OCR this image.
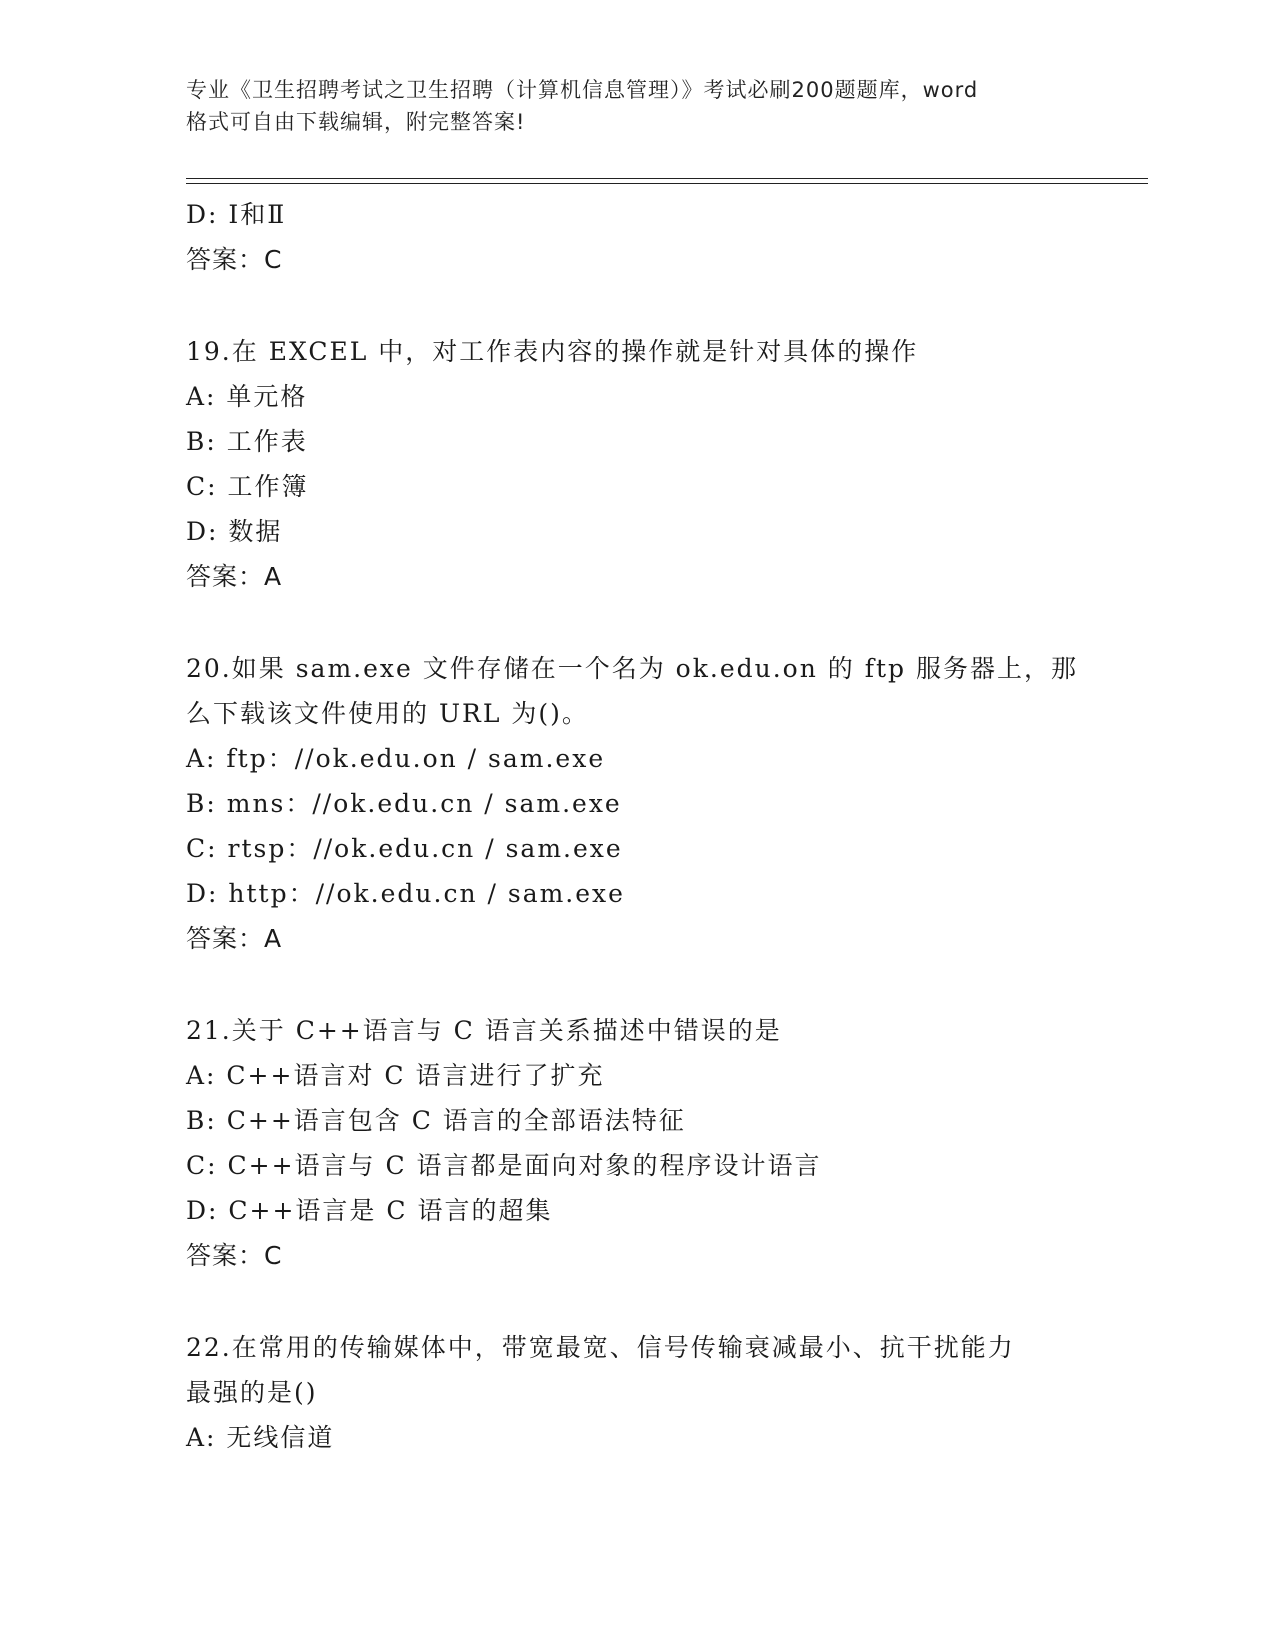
专业《卫生招聘考试之卫生招聘（计算机信息管理）》考试必刷200题题库，word
格式可自由下载编辑，附完整答案!
D: Ⅰ和Ⅱ
答案：C
19.在 EXCEL 中，对工作表内容的操作就是针对具体的操作
A: 单元格
B: 工作表
C: 工作簿
D: 数据
答案：A
20.如果 sam.exe 文件存储在一个名为 ok.edu.on 的 ftp 服务器上，那
么下载该文件使用的 URL 为()。
A: ftp：//ok.edu.on / sam.exe
B: mns：//ok.edu.cn / sam.exe
C: rtsp：//ok.edu.cn / sam.exe
D: http：//ok.edu.cn / sam.exe
答案：A
21.关于 C++语言与 C 语言关系描述中错误的是
A: C++语言对 C 语言进行了扩充
B: C++语言包含 C 语言的全部语法特征
C: C++语言与 C 语言都是面向对象的程序设计语言
D: C++语言是 C 语言的超集
答案：C
22.在常用的传输媒体中，带宽最宽、信号传输衰减最小、抗干扰能力
最强的是()
A: 无线信道
